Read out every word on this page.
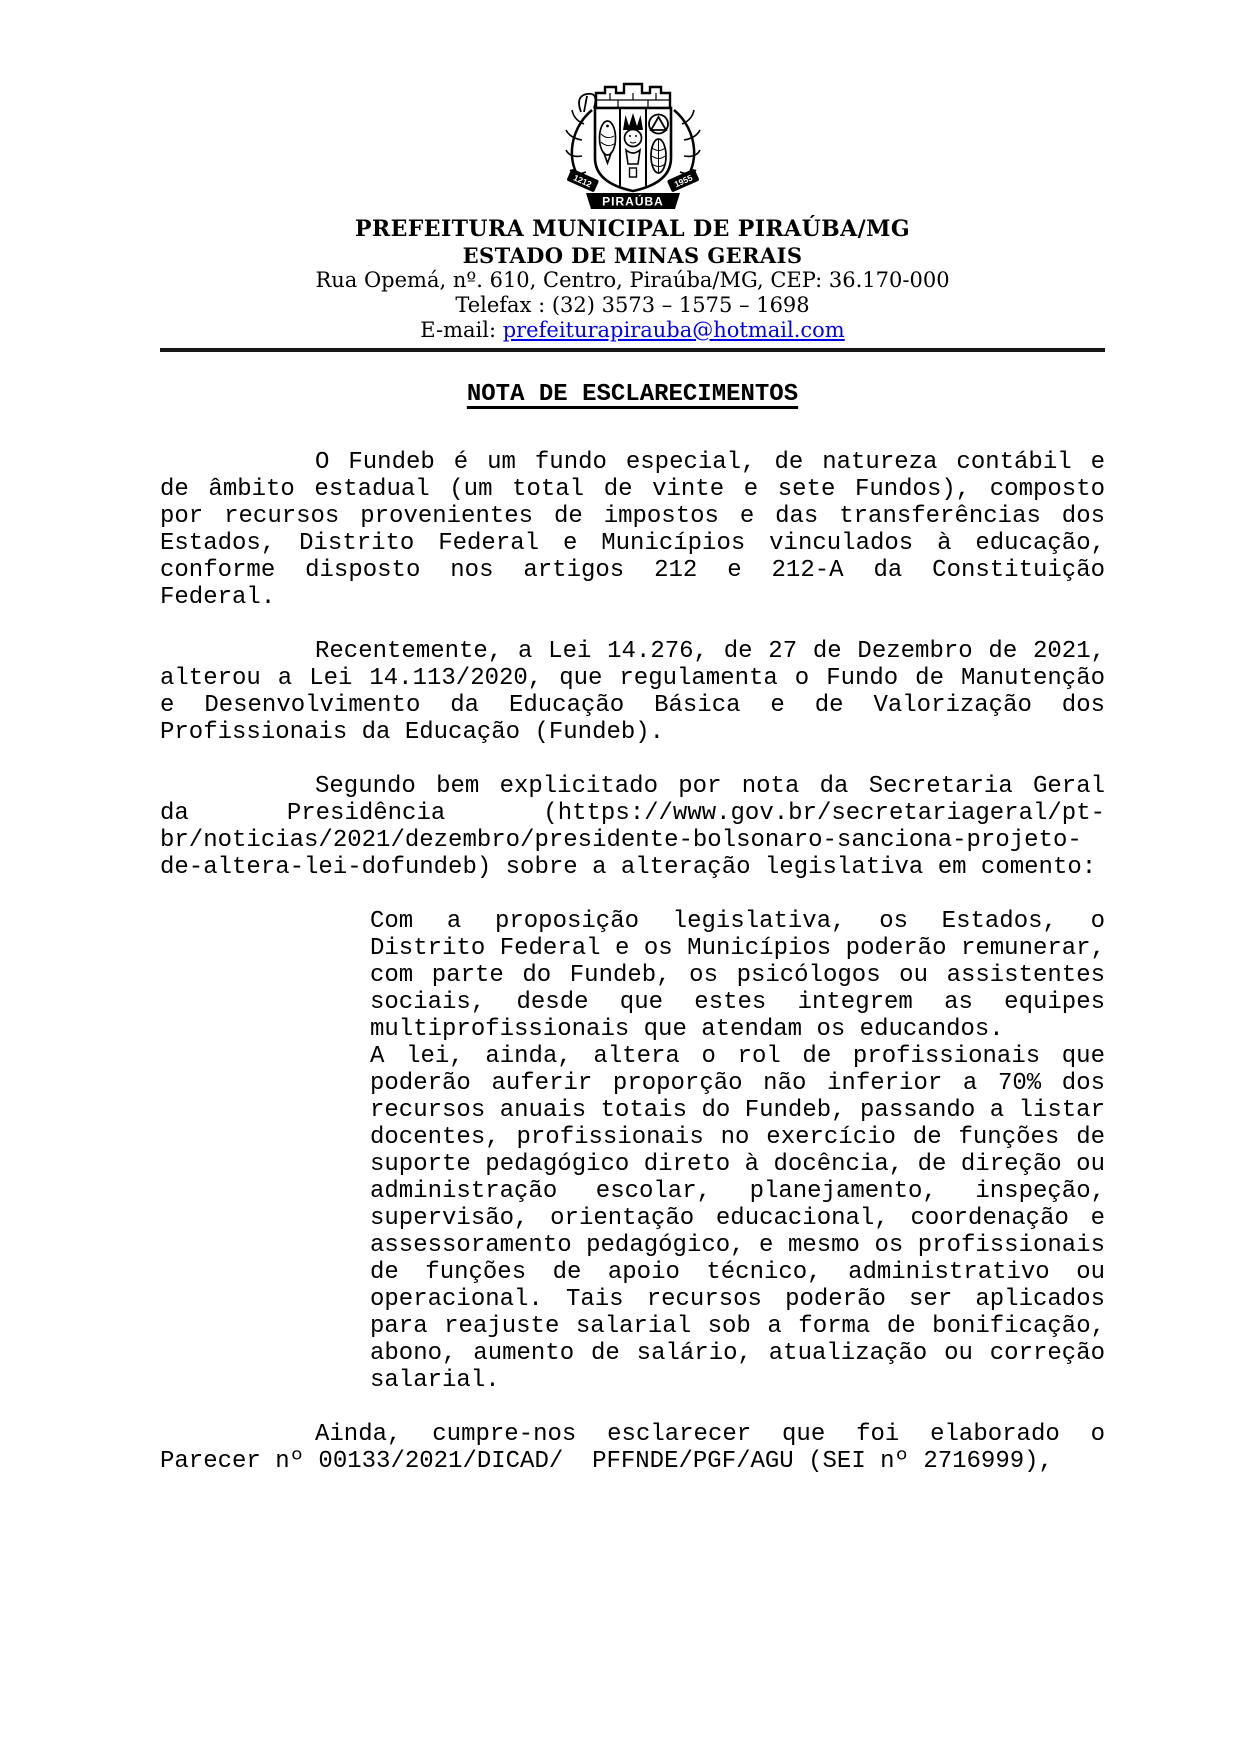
1212	1955
PIRAÚBA
PREFEITURA MUNICIPAL DE PIRAÚBA/MG
ESTADO DE MINAS GERAIS
Rua Opemá, nº. 610, Centro, Piraúba/MG, CEP: 36.170-000
Telefax : (32) 3573 – 1575 – 1698
E-mail: prefeiturapirauba@hotmail.com
NOTA DE ESCLARECIMENTOS

O Fundeb é um fundo especial, de natureza contábil e de âmbito estadual (um total de vinte e sete Fundos), composto por recursos provenientes de impostos e das transferências dos Estados, Distrito Federal e Municípios vinculados à educação, conforme disposto nos artigos 212 e 212-A da Constituição Federal.

Recentemente, a Lei 14.276, de 27 de Dezembro de 2021, alterou a Lei 14.113/2020, que regulamenta o Fundo de Manutenção e Desenvolvimento da Educação Básica e de Valorização dos Profissionais da Educação (Fundeb).

Segundo bem explicitado por nota da Secretaria Geral da Presidência (https://www.gov.br/secretariageral/pt-br/noticias/2021/dezembro/presidente-bolsonaro-sanciona-projeto-de-altera-lei-dofundeb) sobre a alteração legislativa em comento:

Com a proposição legislativa, os Estados, o Distrito Federal e os Municípios poderão remunerar, com parte do Fundeb, os psicólogos ou assistentes sociais, desde que estes integrem as equipes multiprofissionais que atendam os educandos.

A lei, ainda, altera o rol de profissionais que poderão auferir proporção não inferior a 70% dos recursos anuais totais do Fundeb, passando a listar docentes, profissionais no exercício de funções de suporte pedagógico direto à docência, de direção ou administração escolar, planejamento, inspeção, supervisão, orientação educacional, coordenação e assessoramento pedagógico, e mesmo os profissionais de funções de apoio técnico, administrativo ou operacional. Tais recursos poderão ser aplicados para reajuste salarial sob a forma de bonificação, abono, aumento de salário, atualização ou correção salarial.

Ainda, cumpre-nos esclarecer que foi elaborado o Parecer nº 00133/2021/DICAD/  PFFNDE/PGF/AGU (SEI nº 2716999),
